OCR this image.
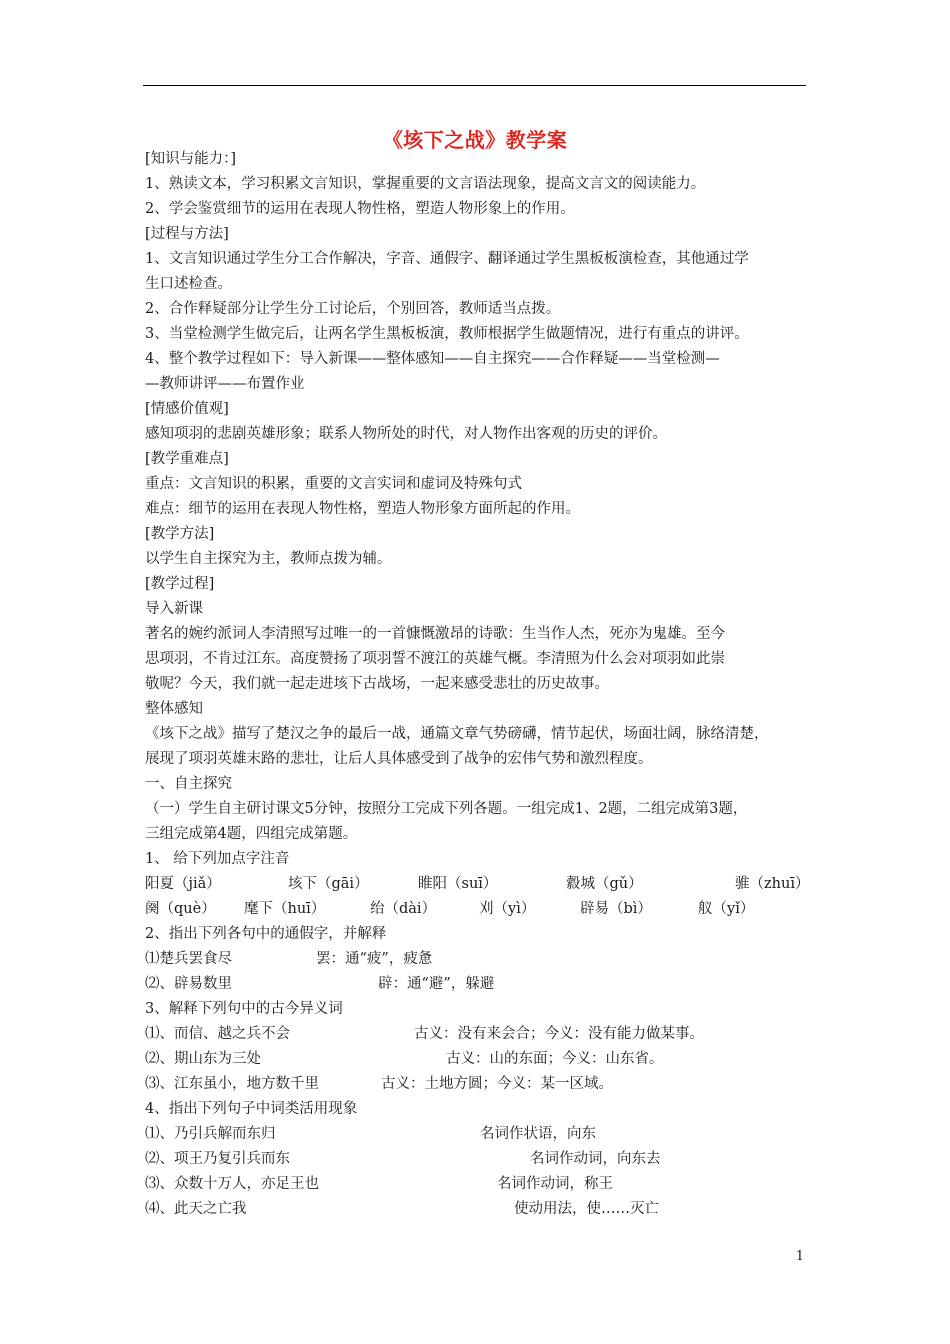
《垓下之战》教学案
[知识与能力：]
1、熟读文本，学习积累文言知识，掌握重要的文言语法现象，提高文言文的阅读能力。
2、学会鉴赏细节的运用在表现人物性格，塑造人物形象上的作用。
[过程与方法]
1、文言知识通过学生分工合作解决，字音、通假字、翻译通过学生黑板板演检查，其他通过学
生口述检查。
2、合作释疑部分让学生分工讨论后，个别回答，教师适当点拨。
3、当堂检测学生做完后，让两名学生黑板板演，教师根据学生做题情况，进行有重点的讲评。
4、整个教学过程如下：导入新课——整体感知——自主探究——合作释疑——当堂检测—
—教师讲评——布置作业
[情感价值观]
感知项羽的悲剧英雄形象；联系人物所处的时代，对人物作出客观的历史的评价。
[教学重难点]
重点：文言知识的积累，重要的文言实词和虚词及特殊句式
难点：细节的运用在表现人物性格，塑造人物形象方面所起的作用。
[教学方法]
以学生自主探究为主，教师点拨为辅。
[教学过程]
导入新课
著名的婉约派词人李清照写过唯一的一首慷慨激昂的诗歌：生当作人杰，死亦为鬼雄。至今
思项羽，不肯过江东。高度赞扬了项羽誓不渡江的英雄气概。李清照为什么会对项羽如此崇
敬呢？今天，我们就一起走进垓下古战场，一起来感受悲壮的历史故事。
整体感知
《垓下之战》描写了楚汉之争的最后一战，通篇文章气势磅礴，情节起伏，场面壮阔，脉络清楚，
展现了项羽英雄末路的悲壮，让后人具体感受到了战争的宏伟气势和激烈程度。
一、自主探究
（一）学生自主研讨课文5分钟，按照分工完成下列各题。一组完成1、2题，二组完成第3题，
三组完成第4题，四组完成第题。
1、 给下列加点字注音
阳夏（jiǎ）	垓下（gāi）	睢阳（suī）	縠城（gǔ）	骓（zhuī）
阕（què） 麾下（huī）	绐（dài）	刈（yì）	辟易（bì）	舣（yǐ）
2、指出下列各句中的通假字，并解释
⑴楚兵罢食尽	罢：通“疲”，疲惫
⑵、辟易数里	辟：通“避”，躲避
3、解释下列句中的古今异义词
⑴、而信、越之兵不会	古义：没有来会合；今义：没有能力做某事。
⑵、期山东为三处	古义：山的东面；今义：山东省。
⑶、江东虽小，地方数千里	古义：土地方圆；今义：某一区域。
4、指出下列句子中词类活用现象
⑴、乃引兵解而东归	名词作状语，向东
⑵、项王乃复引兵而东	名词作动词，向东去
⑶、众数十万人，亦足王也	名词作动词，称王
⑷、此天之亡我	使动用法，使……灭亡
1
